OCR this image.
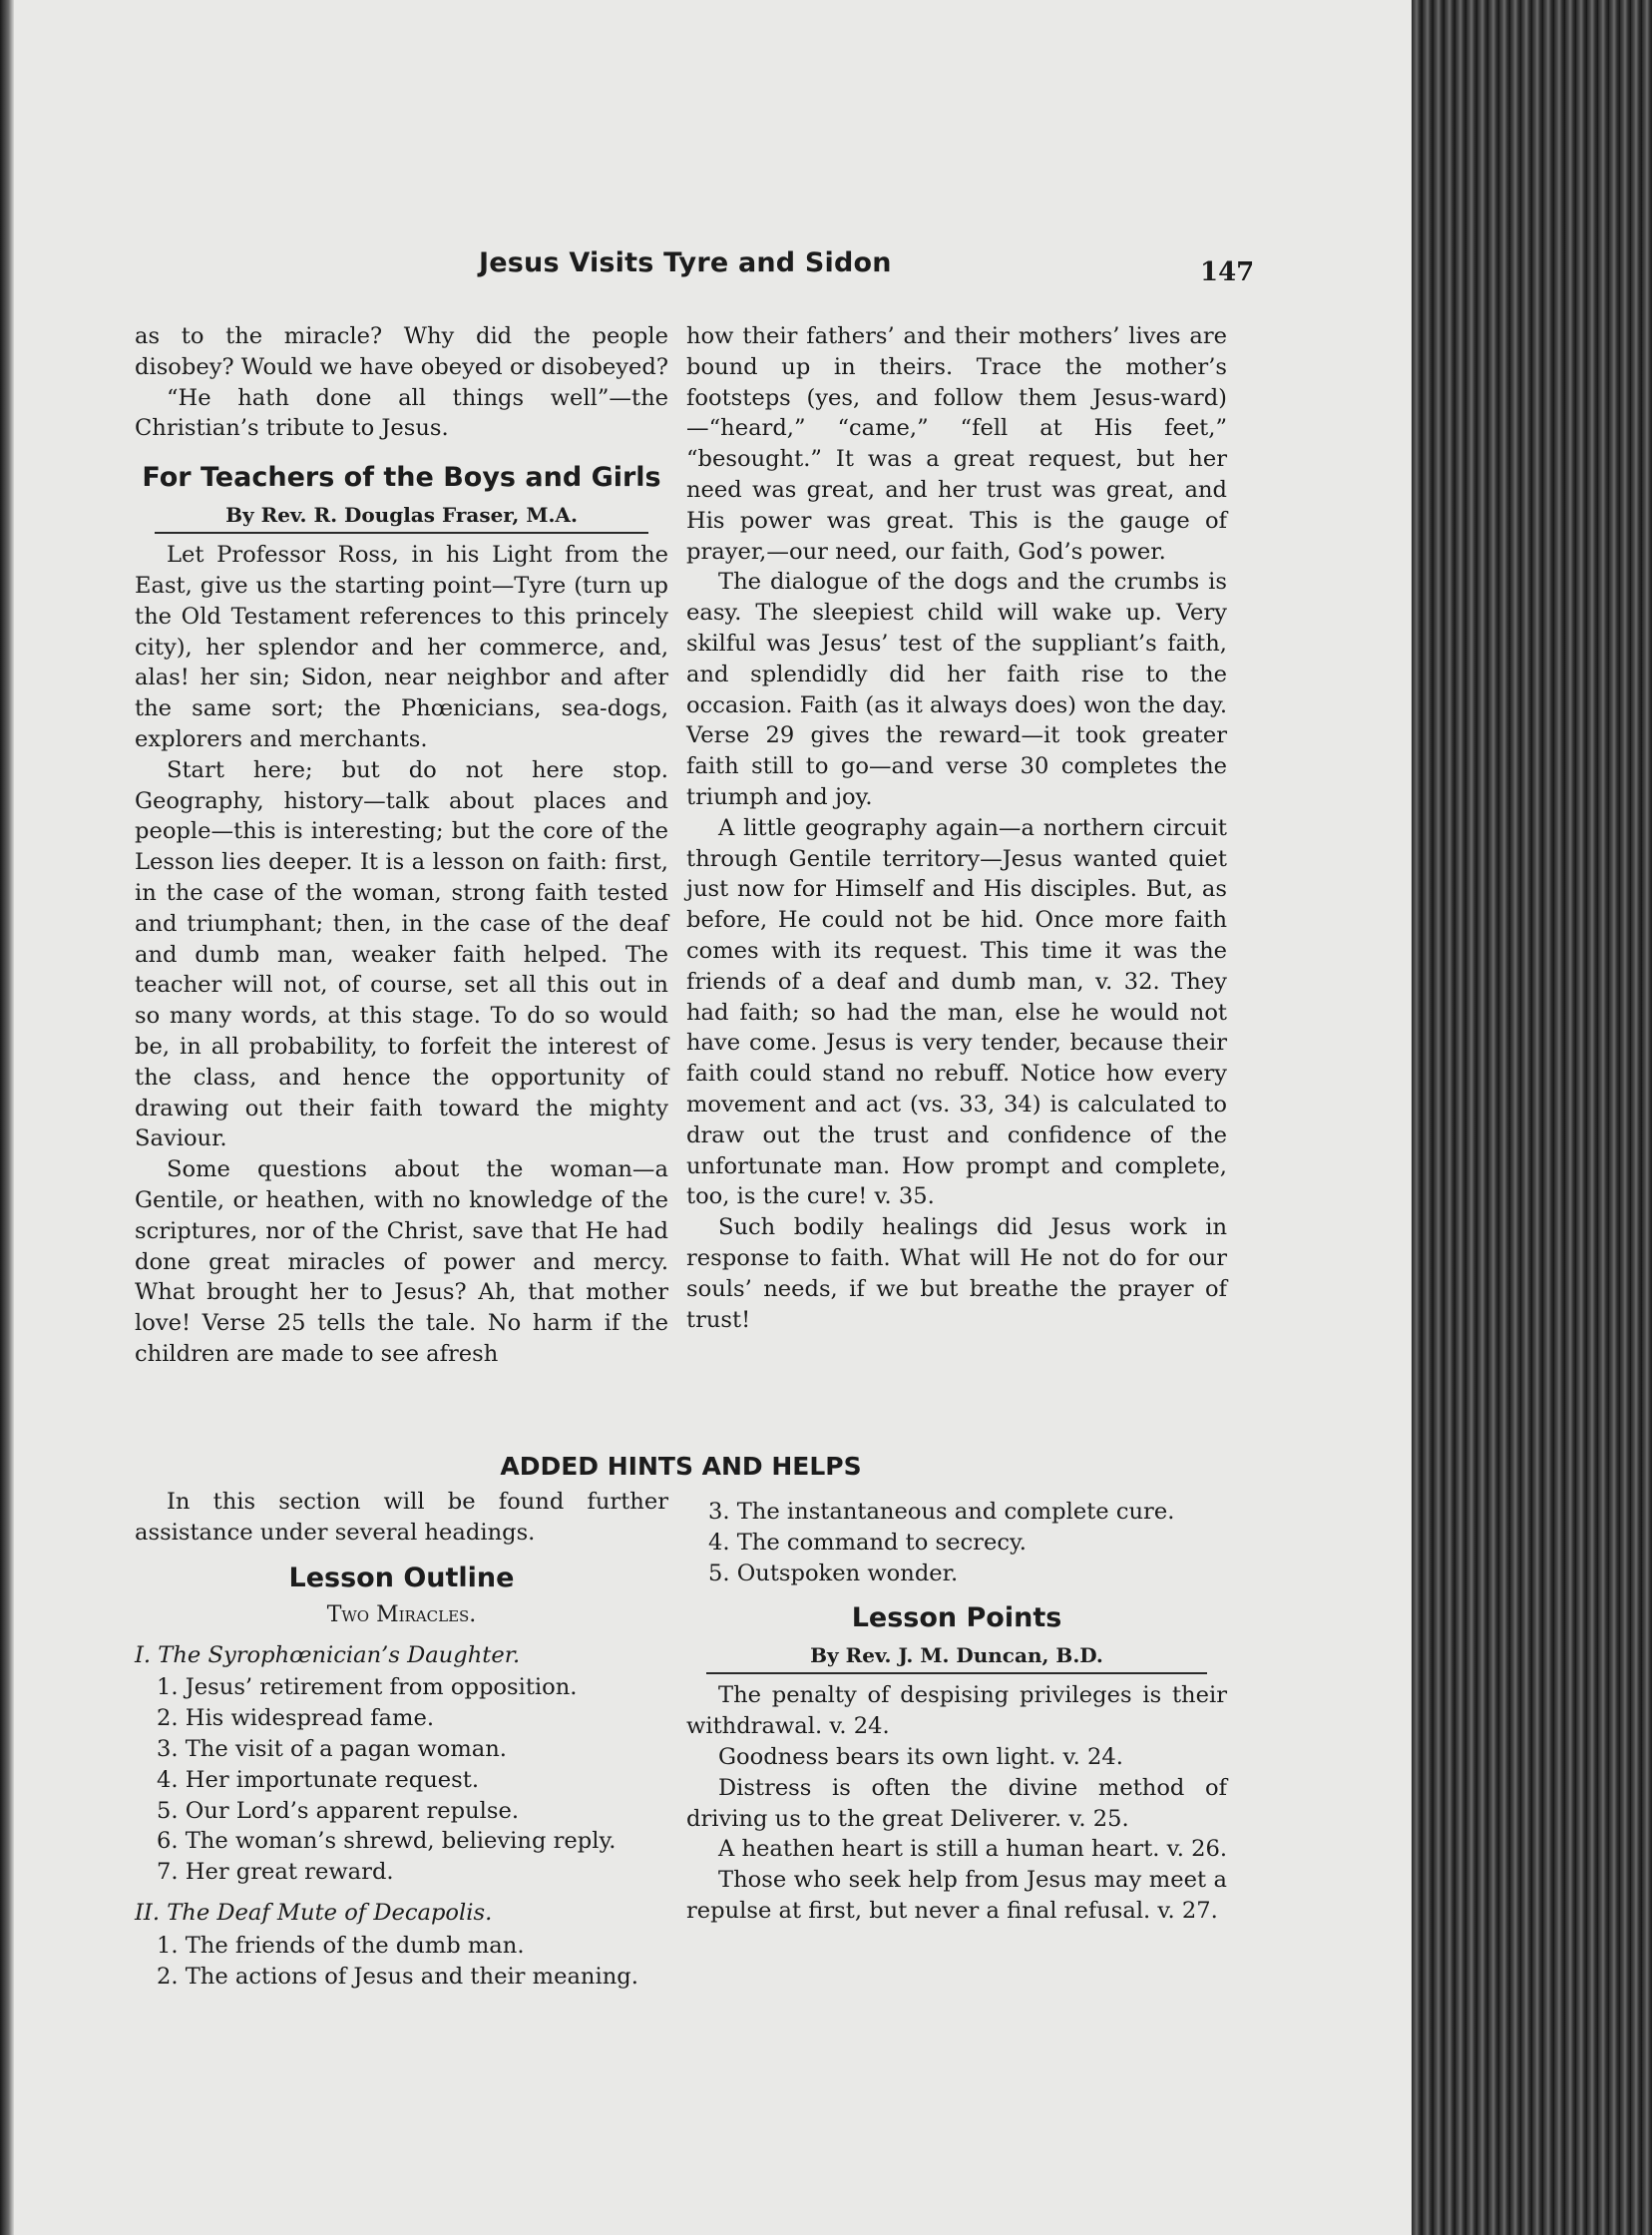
Jesus Visits Tyre and Sidon	147

as to the miracle? Why did the people disobey? Would we have obeyed or disobeyed?

“He hath done all things well”—the Christian’s tribute to Jesus.

For Teachers of the Boys and Girls
By Rev. R. Douglas Fraser, M.A.

Let Professor Ross, in his Light from the East, give us the starting point—Tyre (turn up the Old Testament references to this princely city), her splendor and her commerce, and, alas! her sin; Sidon, near neighbor and after the same sort; the Phœnicians, sea-dogs, explorers and merchants.

Start here; but do not here stop. Geography, history—talk about places and people—this is interesting; but the core of the Lesson lies deeper. It is a lesson on faith: first, in the case of the woman, strong faith tested and triumphant; then, in the case of the deaf and dumb man, weaker faith helped. The teacher will not, of course, set all this out in so many words, at this stage. To do so would be, in all probability, to forfeit the interest of the class, and hence the opportunity of drawing out their faith toward the mighty Saviour.

Some questions about the woman—a Gentile, or heathen, with no knowledge of the scriptures, nor of the Christ, save that He had done great miracles of power and mercy. What brought her to Jesus? Ah, that mother love! Verse 25 tells the tale. No harm if the children are made to see afresh

how their fathers’ and their mothers’ lives are bound up in theirs. Trace the mother’s footsteps (yes, and follow them Jesus-ward) —“heard,” “came,” “fell at His feet,” “besought.” It was a great request, but her need was great, and her trust was great, and His power was great. This is the gauge of prayer,—our need, our faith, God’s power.

The dialogue of the dogs and the crumbs is easy. The sleepiest child will wake up. Very skilful was Jesus’ test of the suppliant’s faith, and splendidly did her faith rise to the occasion. Faith (as it always does) won the day. Verse 29 gives the reward—it took greater faith still to go—and verse 30 completes the triumph and joy.

A little geography again—a northern circuit through Gentile territory—Jesus wanted quiet just now for Himself and His disciples. But, as before, He could not be hid. Once more faith comes with its request. This time it was the friends of a deaf and dumb man, v. 32. They had faith; so had the man, else he would not have come. Jesus is very tender, because their faith could stand no rebuff. Notice how every movement and act (vs. 33, 34) is calculated to draw out the trust and confidence of the unfortunate man. How prompt and complete, too, is the cure! v. 35.

Such bodily healings did Jesus work in response to faith. What will He not do for our souls’ needs, if we but breathe the prayer of trust!

ADDED HINTS AND HELPS

In this section will be found further assistance under several headings.

Lesson Outline
Two Miracles.
I. The Syrophœnician’s Daughter.
1. Jesus’ retirement from opposition.
2. His widespread fame.
3. The visit of a pagan woman.
4. Her importunate request.
5. Our Lord’s apparent repulse.
6. The woman’s shrewd, believing reply.
7. Her great reward.
II. The Deaf Mute of Decapolis.
1. The friends of the dumb man.
2. The actions of Jesus and their meaning.
3. The instantaneous and complete cure.
4. The command to secrecy.
5. Outspoken wonder.
Lesson Points
By Rev. J. M. Duncan, B.D.

The penalty of despising privileges is their withdrawal. v. 24.

Goodness bears its own light. v. 24.

Distress is often the divine method of driving us to the great Deliverer. v. 25.

A heathen heart is still a human heart. v. 26.

Those who seek help from Jesus may meet a repulse at first, but never a final refusal. v. 27.
